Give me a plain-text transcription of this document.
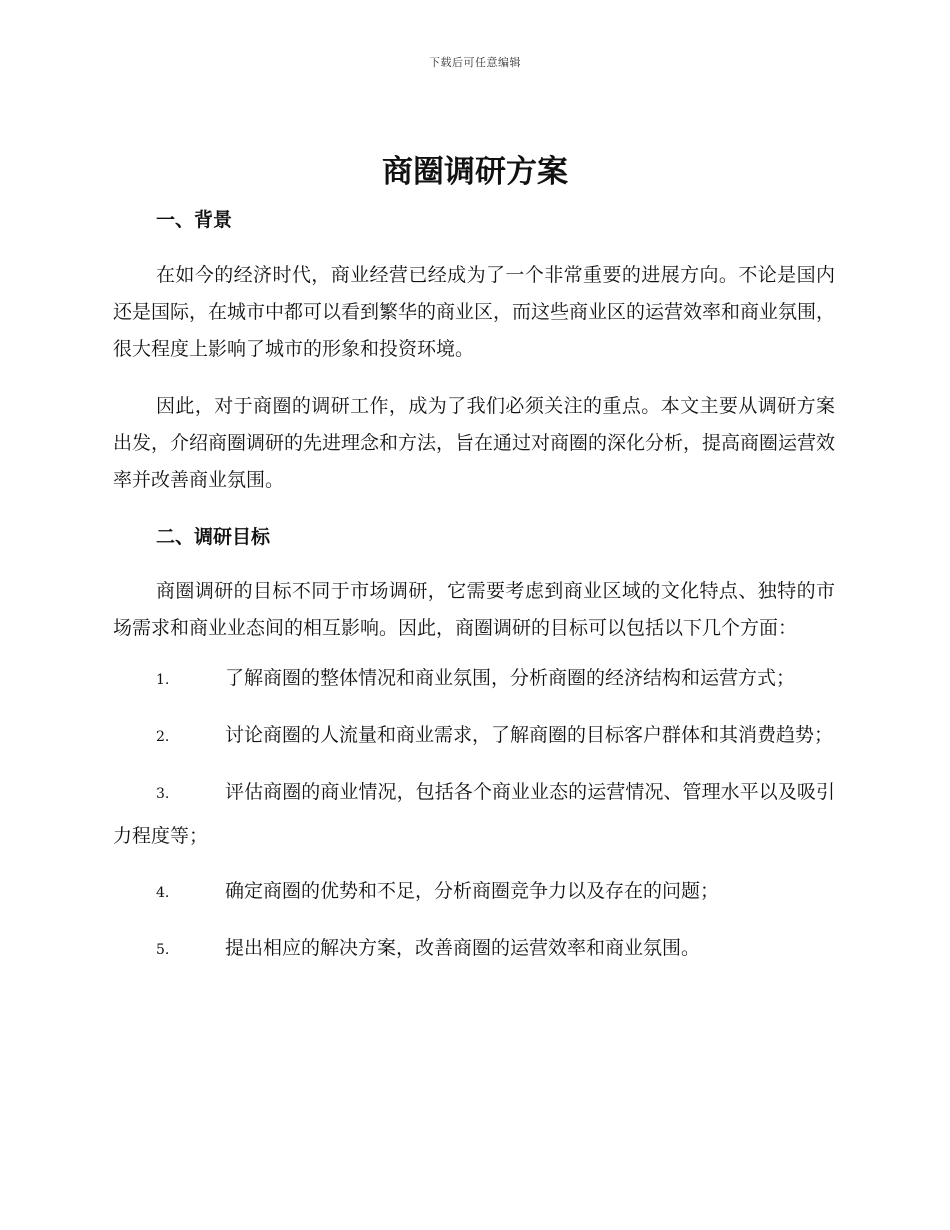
下载后可任意编辑
商圈调研方案
一、背景

在如今的经济时代，商业经营已经成为了一个非常重要的进展方向。不论是国内还是国际，在城市中都可以看到繁华的商业区，而这些商业区的运营效率和商业氛围，很大程度上影响了城市的形象和投资环境。

因此，对于商圈的调研工作，成为了我们必须关注的重点。本文主要从调研方案出发，介绍商圈调研的先进理念和方法，旨在通过对商圈的深化分析，提高商圈运营效率并改善商业氛围。

二、调研目标

商圈调研的目标不同于市场调研，它需要考虑到商业区域的文化特点、独特的市场需求和商业业态间的相互影响。因此，商圈调研的目标可以包括以下几个方面：

1.	了解商圈的整体情况和商业氛围，分析商圈的经济结构和运营方式；

2.	讨论商圈的人流量和商业需求，了解商圈的目标客户群体和其消费趋势；

3.	评估商圈的商业情况，包括各个商业业态的运营情况、管理水平以及吸引力程度等；

4.	确定商圈的优势和不足，分析商圈竞争力以及存在的问题；

5.	提出相应的解决方案，改善商圈的运营效率和商业氛围。
